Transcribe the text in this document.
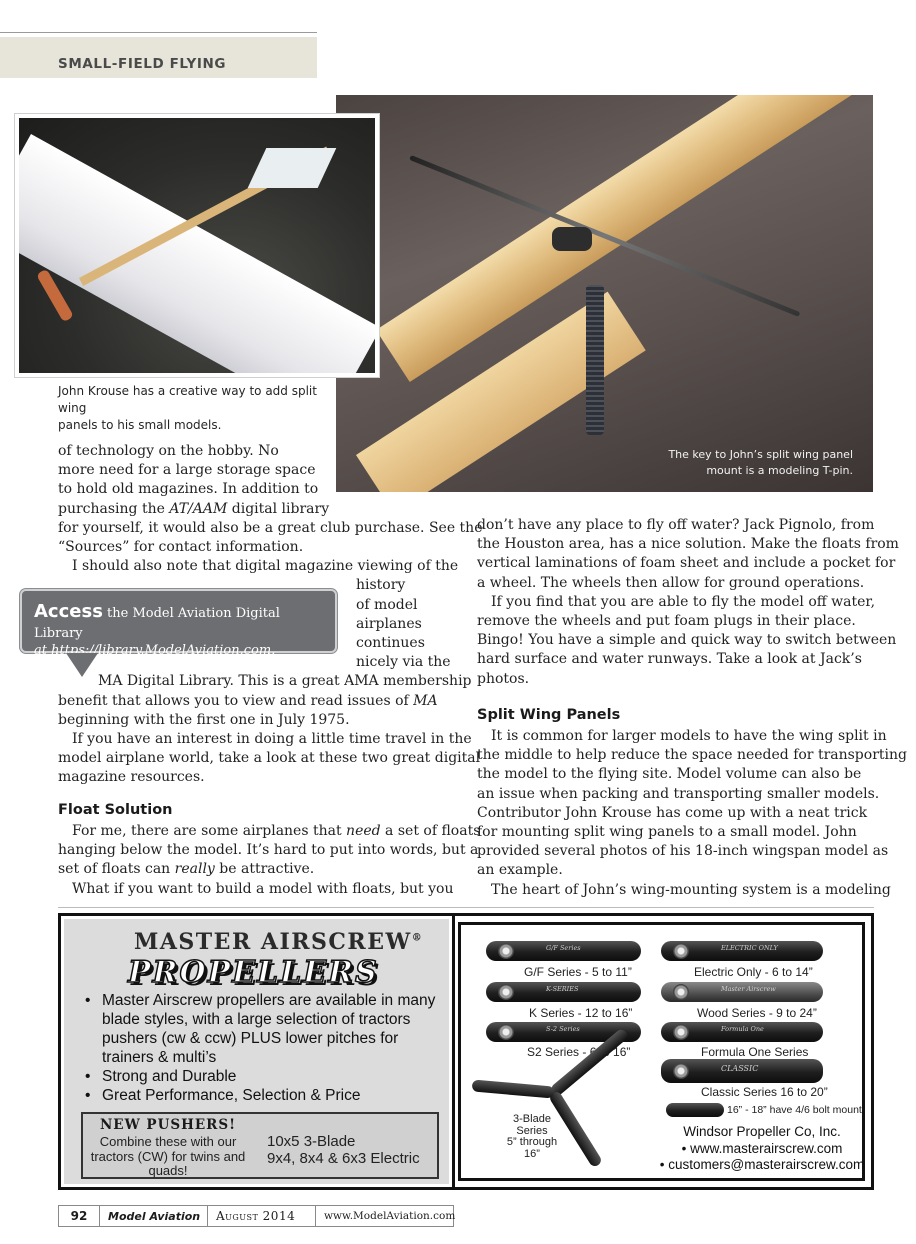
SMALL-FIELD FLYING
The key to John’s split wing panel
mount is a modeling T-pin.
John Krouse has a creative way to add split wing
panels to his small models.
of technology on the hobby. No
more need for a large storage space
to hold old magazines. In addition to
purchasing the AT/AAM digital library
for yourself, it would also be a great club purchase. See the
“Sources” for contact information.
I should also note that digital magazine viewing of the
history
of model
airplanes
continues
nicely via the
MA Digital Library. This is a great AMA membership
benefit that allows you to view and read issues of MA
beginning with the first one in July 1975.
If you have an interest in doing a little time travel in the
model airplane world, take a look at these two great digital
magazine resources.
Float Solution
For me, there are some airplanes that need a set of floats
hanging below the model. It’s hard to put into words, but a
set of floats can really be attractive.
What if you want to build a model with floats, but you
Access the Model Aviation Digital Library
at https://library.ModelAviation.com.
don’t have any place to fly off water? Jack Pignolo, from
the Houston area, has a nice solution. Make the floats from
vertical laminations of foam sheet and include a pocket for
a wheel. The wheels then allow for ground operations.
If you find that you are able to fly the model off water,
remove the wheels and put foam plugs in their place.
Bingo! You have a simple and quick way to switch between
hard surface and water runways. Take a look at Jack’s
photos.
Split Wing Panels
It is common for larger models to have the wing split in
the middle to help reduce the space needed for transporting
the model to the flying site. Model volume can also be
an issue when packing and transporting smaller models.
Contributor John Krouse has come up with a neat trick
for mounting split wing panels to a small model. John
provided several photos of his 18-inch wingspan model as
an example.
The heart of John’s wing-mounting system is a modeling
MASTER AIRSCREW®
PROPELLERS
• Master Airscrew propellers are available in many blade styles, with a large selection of tractors pushers (cw & ccw) PLUS lower pitches for trainers & multi’s
• Strong and Durable
• Great Performance, Selection & Price
NEW PUSHERS!
Combine these with our tractors (CW) for twins and quads!
10x5 3-Blade
9x4, 8x4 & 6x3 Electric
G/F Series
G/F Series - 5 to 11”
ELECTRIC ONLY
Electric Only - 6 to 14”
K-SERIES
K Series - 12 to 16”
Master Airscrew
Wood Series - 9 to 24”
S-2 Series
S2 Series - 6 to 16”
Formula One
Formula One Series
CLASSIC
Classic Series 16 to 20”
16” - 18” have 4/6 bolt mount
3-Blade
Series
5” through
16”
Windsor Propeller Co, Inc.
• www.masterairscrew.com
• customers@masterairscrew.com
92	Model Aviation	August 2014	www.ModelAviation.com
